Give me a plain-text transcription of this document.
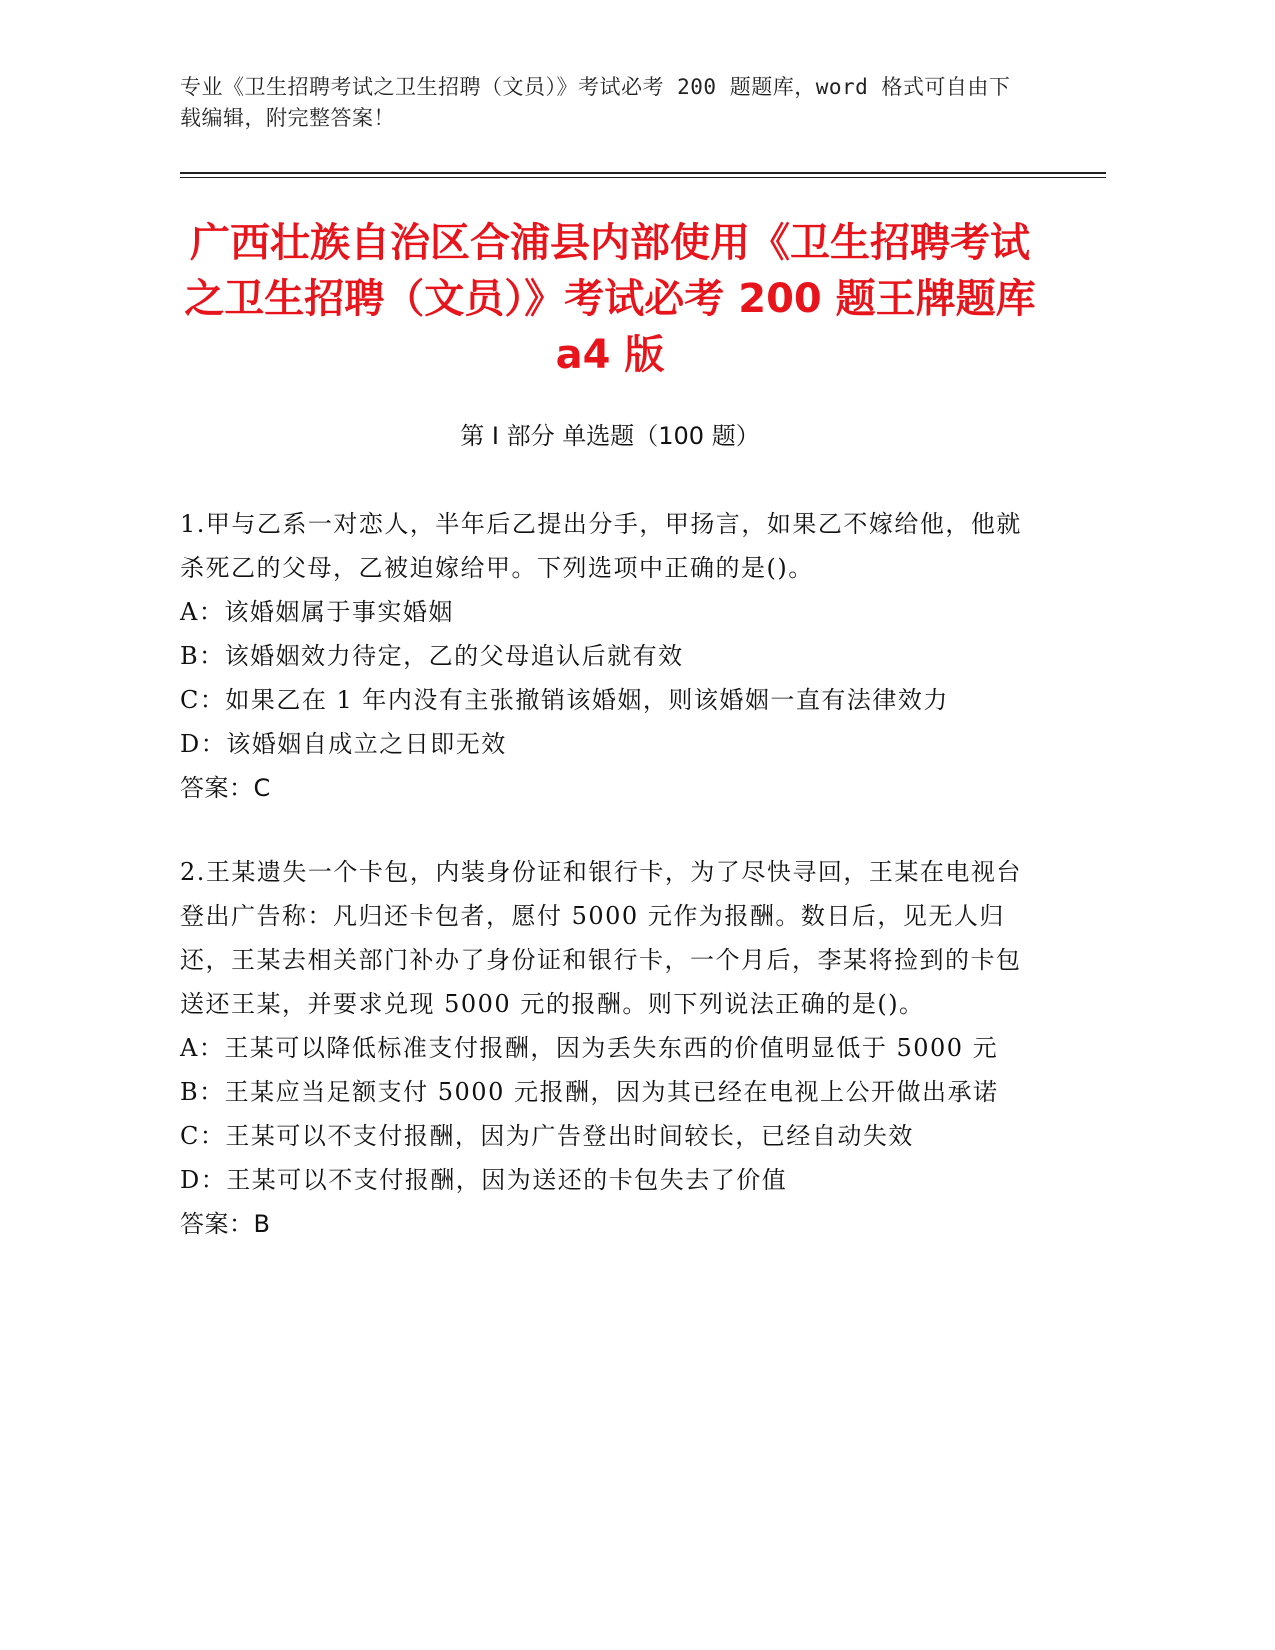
专业《卫生招聘考试之卫生招聘（文员）》考试必考 200 题题库，word 格式可自由下载编辑，附完整答案！
广西壮族自治区合浦县内部使用《卫生招聘考试之卫生招聘（文员）》考试必考 200 题王牌题库 a4 版
第 I 部分 单选题（100 题）

1.甲与乙系一对恋人，半年后乙提出分手，甲扬言，如果乙不嫁给他，他就杀死乙的父母，乙被迫嫁给甲。下列选项中正确的是()。

A：该婚姻属于事实婚姻

B：该婚姻效力待定，乙的父母追认后就有效

C：如果乙在 1 年内没有主张撤销该婚姻，则该婚姻一直有法律效力

D：该婚姻自成立之日即无效

答案：C

2.王某遗失一个卡包，内装身份证和银行卡，为了尽快寻回，王某在电视台登出广告称：凡归还卡包者，愿付 5000 元作为报酬。数日后，见无人归还，王某去相关部门补办了身份证和银行卡，一个月后，李某将捡到的卡包送还王某，并要求兑现 5000 元的报酬。则下列说法正确的是()。

A：王某可以降低标准支付报酬，因为丢失东西的价值明显低于 5000 元

B：王某应当足额支付 5000 元报酬，因为其已经在电视上公开做出承诺

C：王某可以不支付报酬，因为广告登出时间较长，已经自动失效

D：王某可以不支付报酬，因为送还的卡包失去了价值

答案：B
